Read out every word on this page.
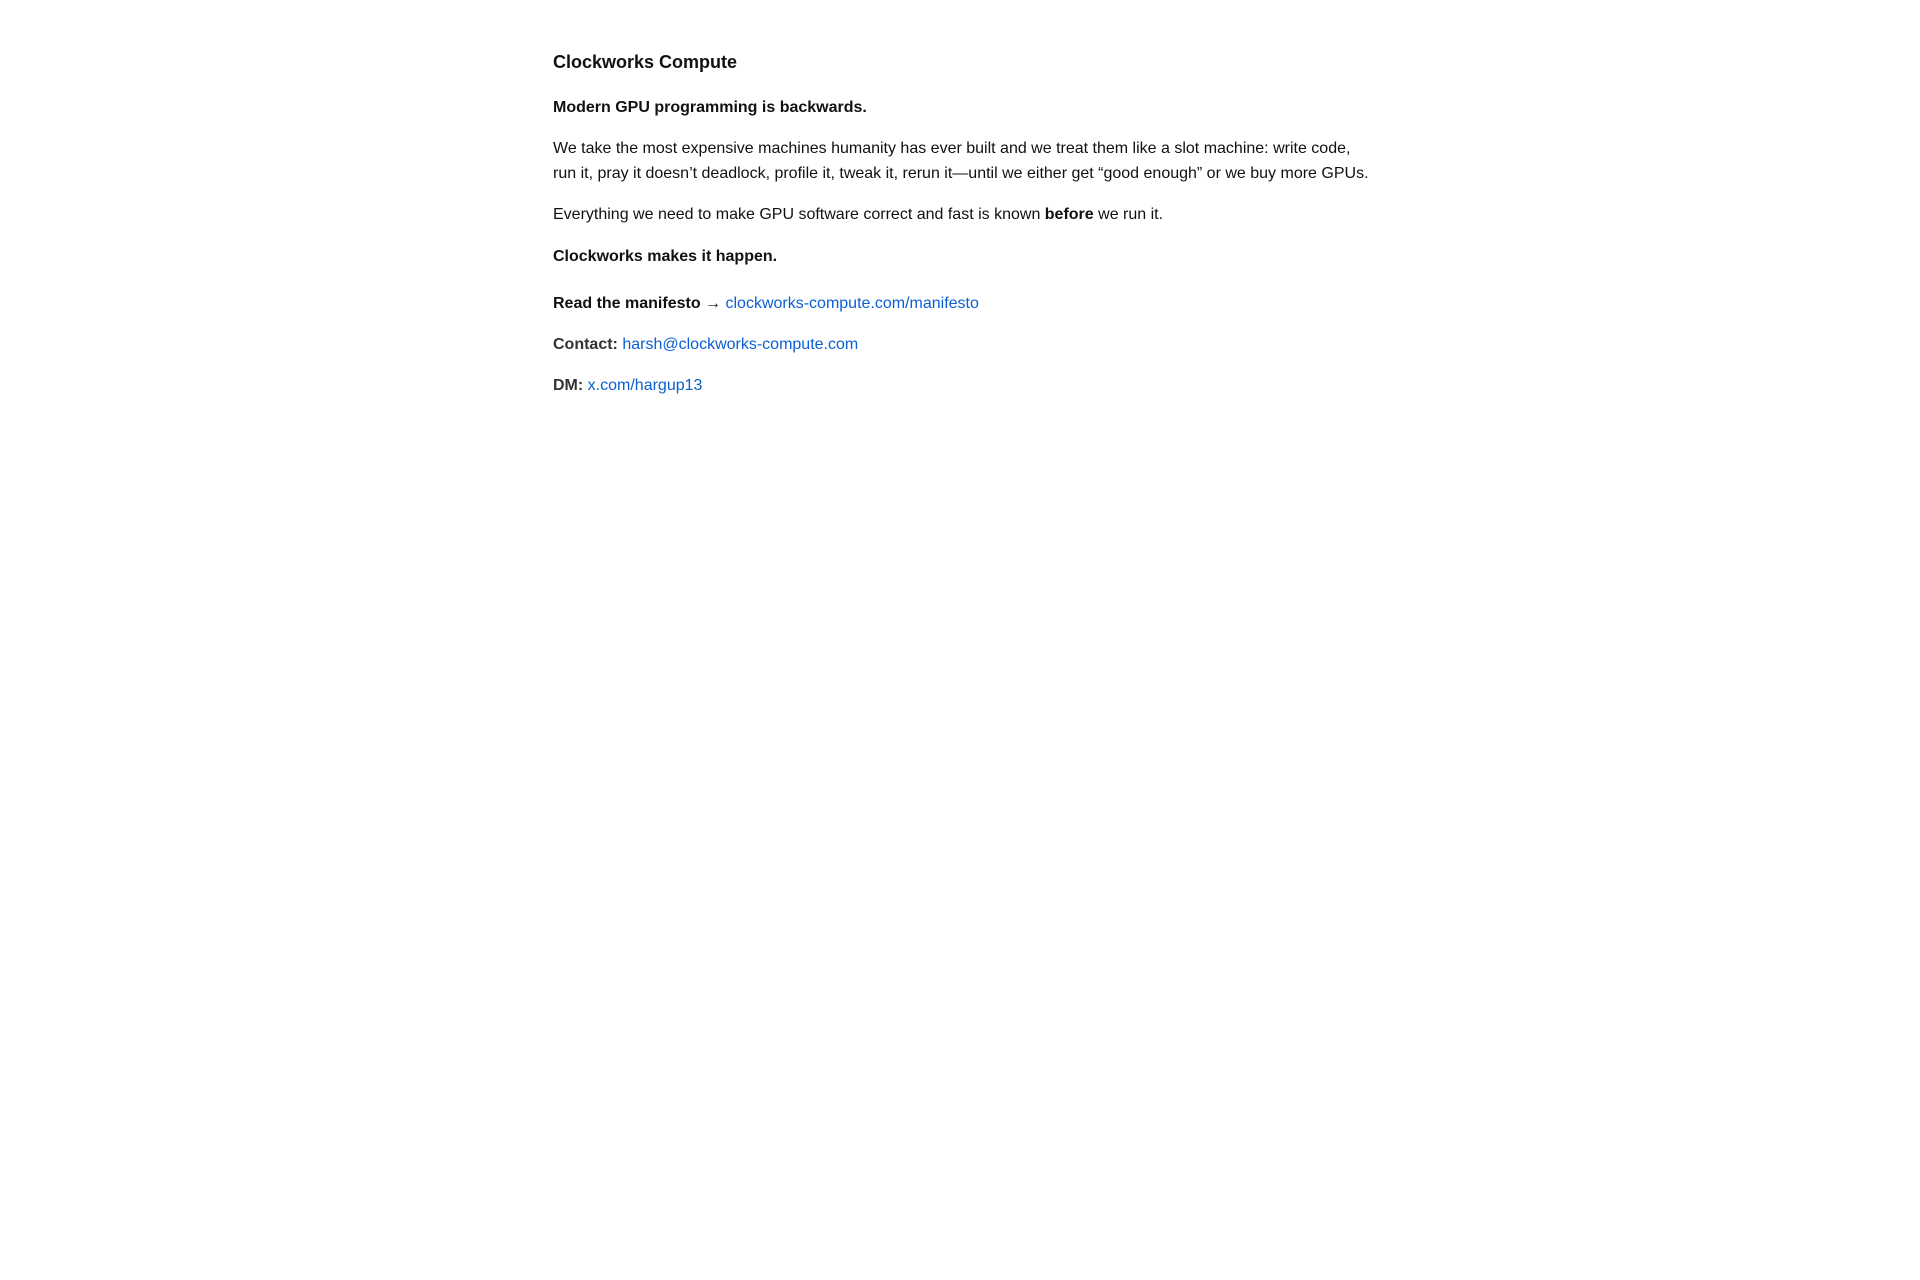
Clockworks Compute

Modern GPU programming is backwards.

We take the most expensive machines humanity has ever built and we treat them like a slot machine: write code, run it, pray it doesn’t deadlock, profile it, tweak it, rerun it—until we either get “good enough” or we buy more GPUs.

Everything we need to make GPU software correct and fast is known before we run it.

Clockworks makes it happen.

Read the manifesto → clockworks-compute.com/manifesto

Contact: harsh@clockworks-compute.com

DM: x.com/hargup13
